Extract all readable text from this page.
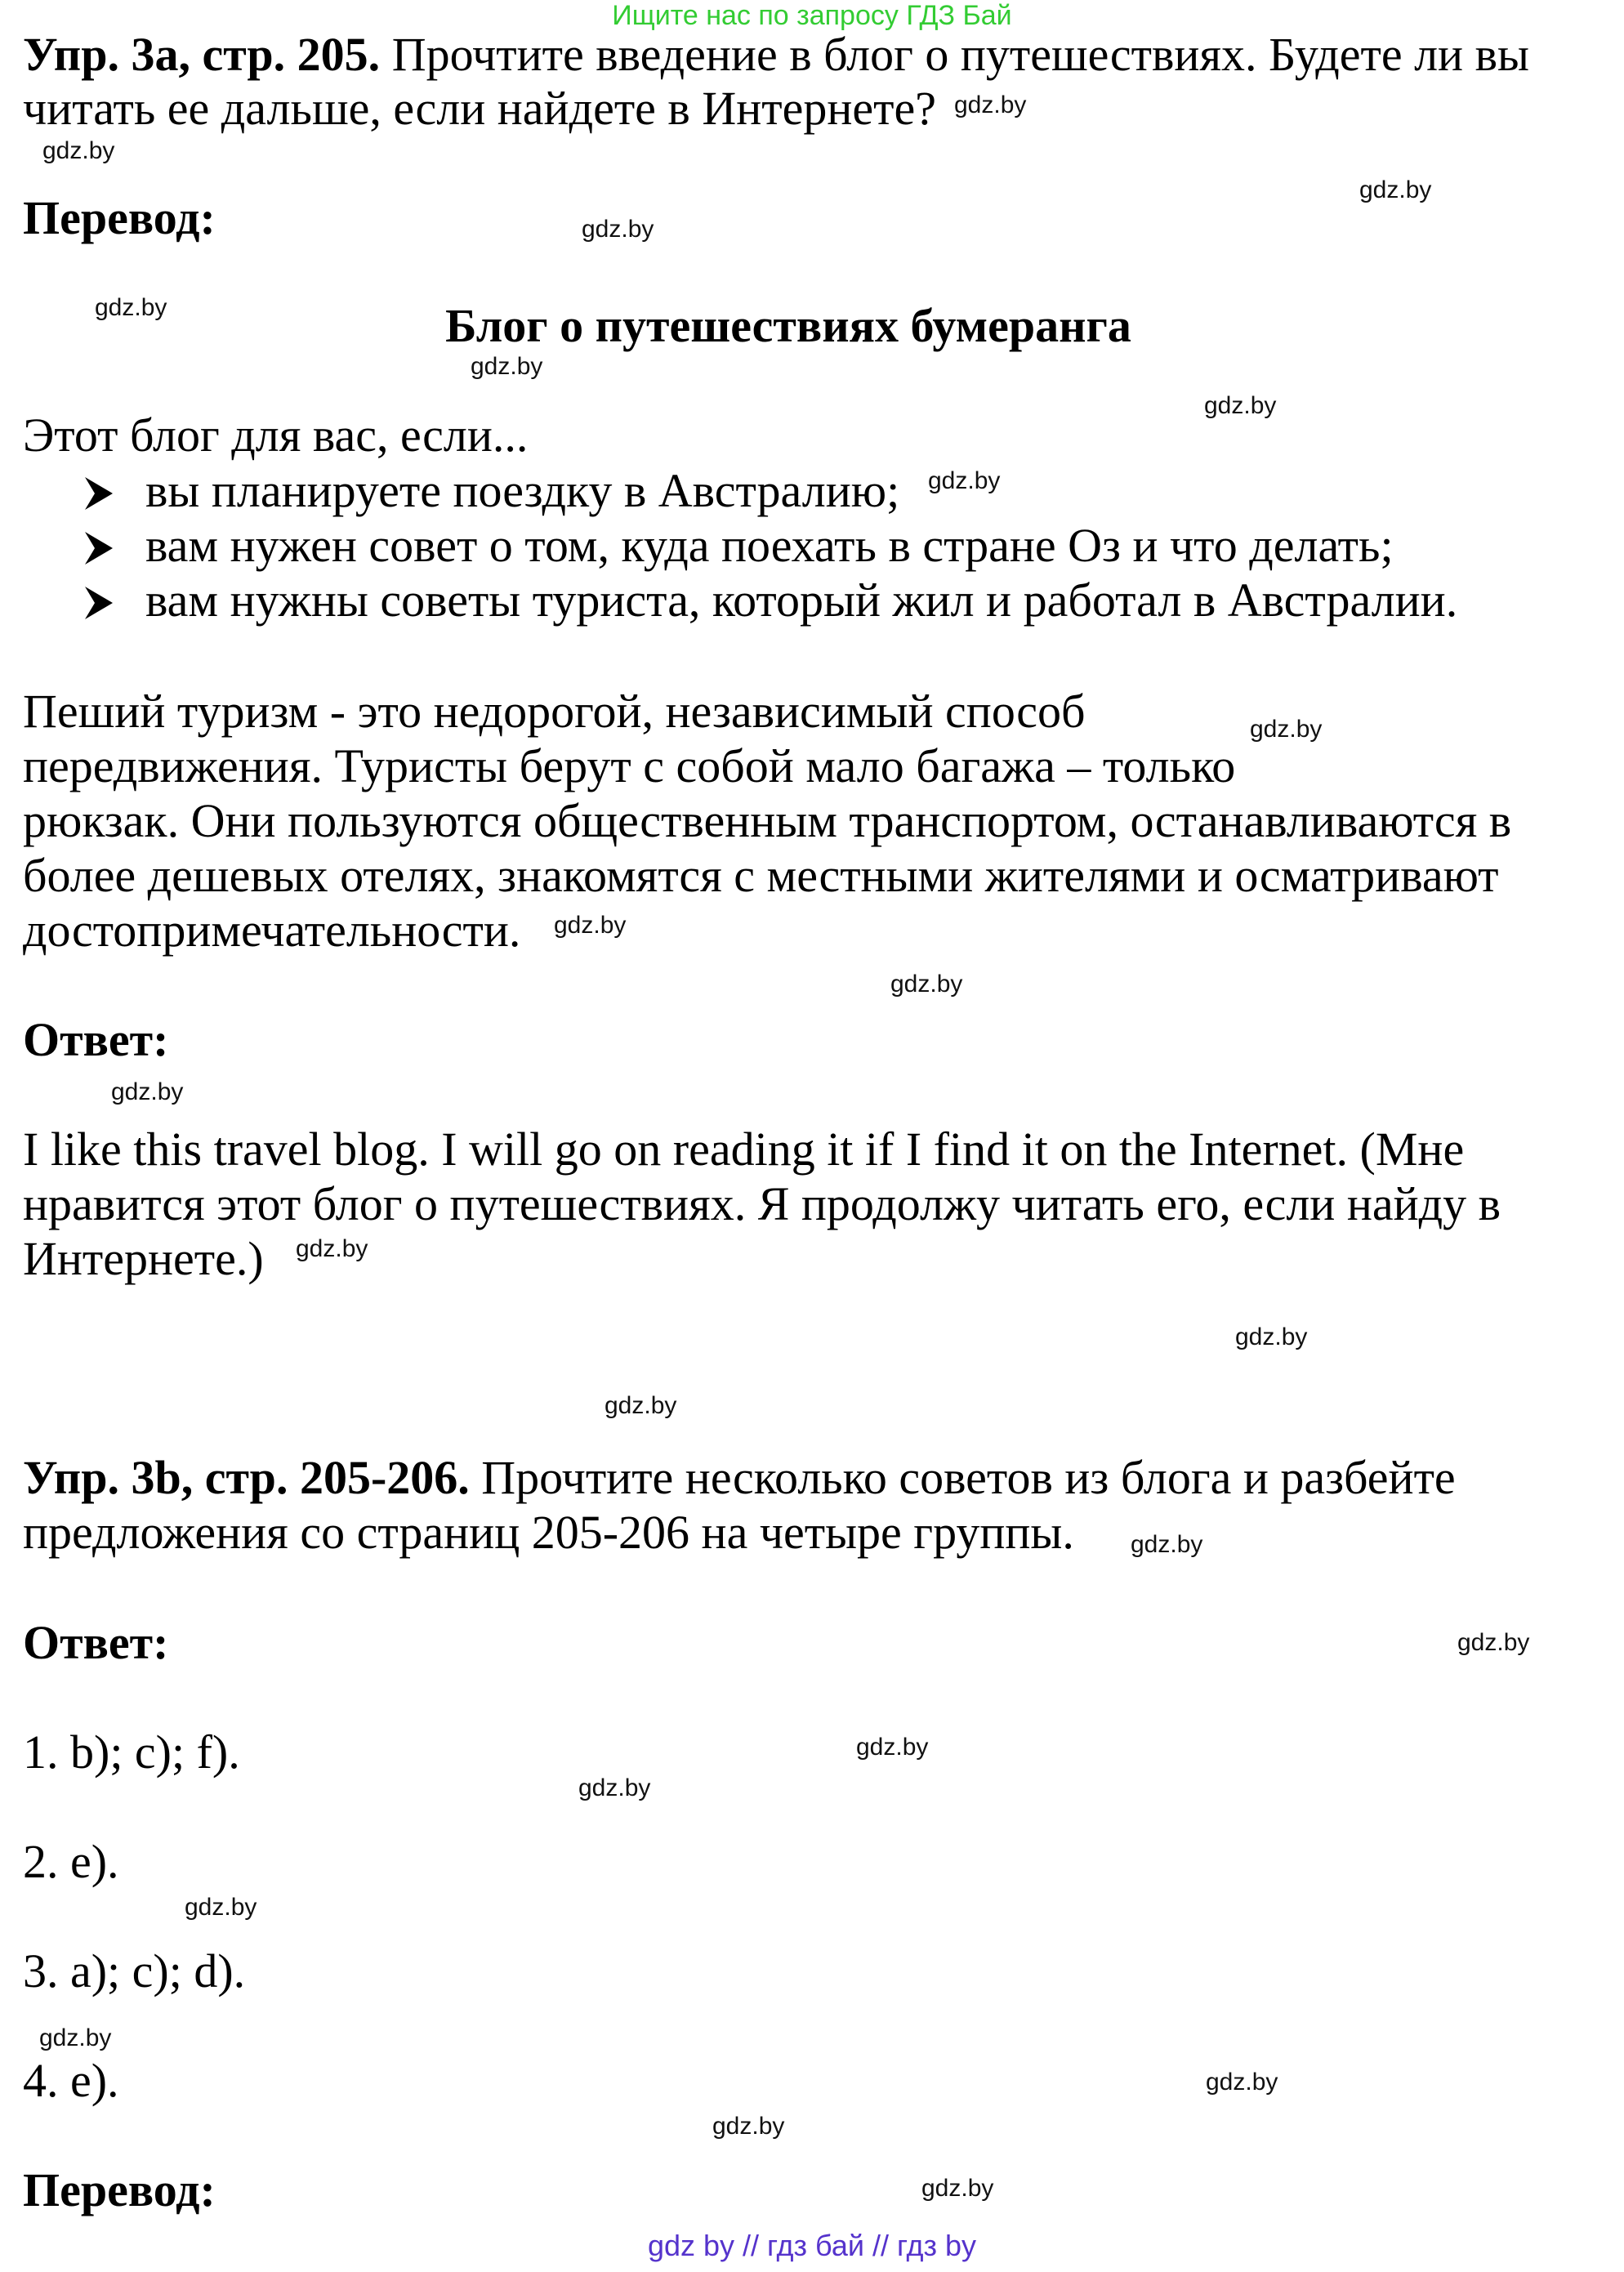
Ищите нас по запросу ГДЗ Бай
Упр. 3а, стр. 205. Прочтите введение в блог о путешествиях. Будете ли вы
читать ее дальше, если найдете в Интернете?
Перевод:
Блог о путешествиях бумеранга
Этот блог для вас, если...
вы планируете поездку в Австралию;
вам нужен совет о том, куда поехать в стране Оз и что делать;
вам нужны советы туриста, который жил и работал в Австралии.
Пеший туризм - это недорогой, независимый способ
передвижения. Туристы берут с собой мало багажа – только
рюкзак. Они пользуются общественным транспортом, останавливаются в
более дешевых отелях, знакомятся с местными жителями и осматривают
достопримечательности.
Ответ:
I like this travel blog. I will go on reading it if I find it on the Internet. (Мне
нравится этот блог о путешествиях. Я продолжу читать его, если найду в
Интернете.)
Упр. 3b, стр. 205-206. Прочтите несколько советов из блога и разбейте
предложения со страниц 205-206 на четыре группы.
Ответ:
1. b); c); f).
2. e).
3. a); c); d).
4. e).
Перевод:
gdz.by
gdz.by
gdz.by
gdz.by
gdz.by
gdz.by
gdz.by
gdz.by
gdz.by
gdz.by
gdz.by
gdz.by
gdz.by
gdz.by
gdz.by
gdz.by
gdz.by
gdz.by
gdz.by
gdz.by
gdz.by
gdz.by
gdz.by
gdz.by
gdz by // гдз бай // гдз by
